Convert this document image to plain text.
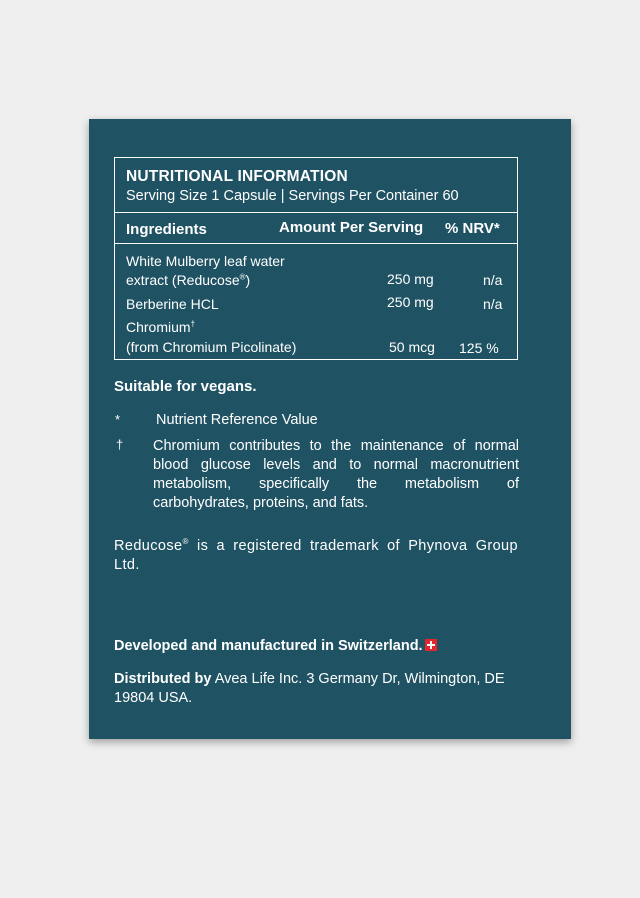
NUTRITIONAL INFORMATION
Serving Size 1 Capsule | Servings Per Container 60
Ingredients	Amount Per Serving % NRV*
White Mulberry leaf water
extract (Reducose®)	250 mg	n/a
Berberine HCL	250 mg	n/a
Chromium†
(from Chromium Picolinate)	50 mcg 125 %
Suitable for vegans.
* Nutrient Reference Value
† Chromium contributes to the maintenance of normal blood glucose levels and to normal macronutrient metabolism, specifically the metabolism of carbohydrates, proteins, and fats.
Reducose® is a registered trademark of Phynova Group Ltd.
Developed and manufactured in Switzerland.
Distributed by Avea Life Inc. 3 Germany Dr, Wilmington, DE 19804 USA.
